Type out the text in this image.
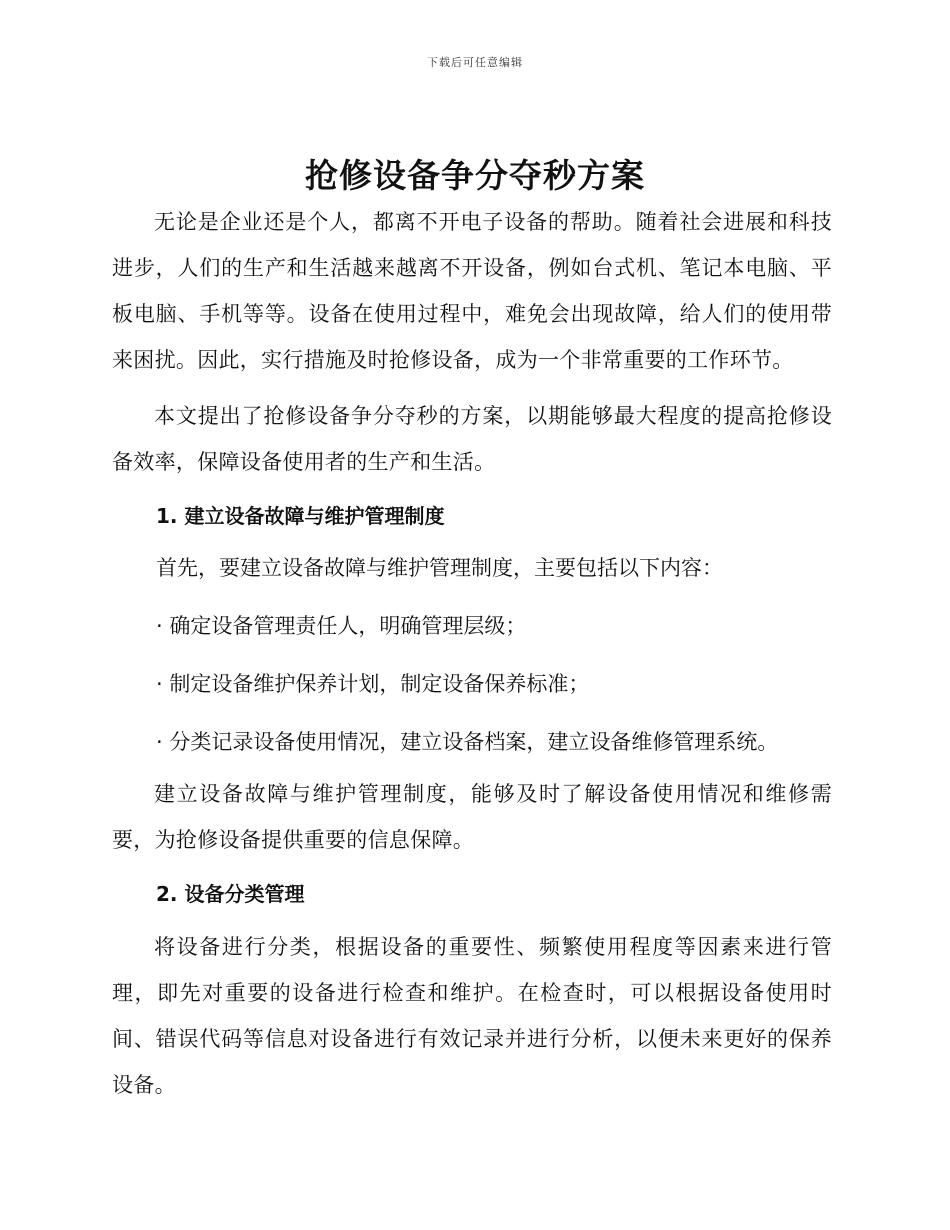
下载后可任意编辑
抢修设备争分夺秒方案

无论是企业还是个人，都离不开电子设备的帮助。随着社会进展和科技进步，人们的生产和生活越来越离不开设备，例如台式机、笔记本电脑、平板电脑、手机等等。设备在使用过程中，难免会出现故障，给人们的使用带来困扰。因此，实行措施及时抢修设备，成为一个非常重要的工作环节。

本文提出了抢修设备争分夺秒的方案，以期能够最大程度的提高抢修设备效率，保障设备使用者的生产和生活。

1. 建立设备故障与维护管理制度

首先，要建立设备故障与维护管理制度，主要包括以下内容：

· 确定设备管理责任人，明确管理层级；

· 制定设备维护保养计划，制定设备保养标准；

· 分类记录设备使用情况，建立设备档案，建立设备维修管理系统。

建立设备故障与维护管理制度，能够及时了解设备使用情况和维修需要，为抢修设备提供重要的信息保障。

2. 设备分类管理

将设备进行分类，根据设备的重要性、频繁使用程度等因素来进行管理，即先对重要的设备进行检查和维护。在检查时，可以根据设备使用时间、错误代码等信息对设备进行有效记录并进行分析，以便未来更好的保养设备。
